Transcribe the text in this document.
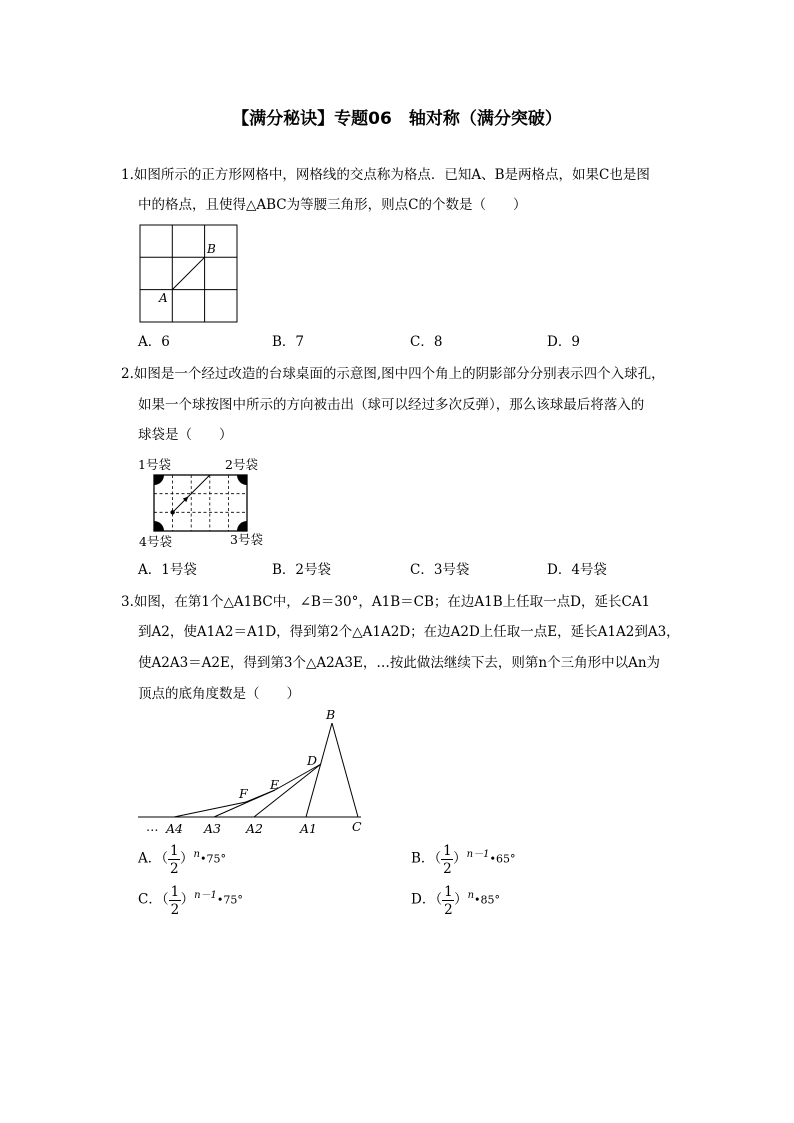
【满分秘诀】专题06　轴对称（满分突破）
1.如图所示的正方形网格中，网格线的交点称为格点．已知A、B是两格点，如果C也是图
中的格点，且使得△ABC为等腰三角形，则点C的个数是（　　）
B
A
A．6	B．7	C．8	D．9
2.如图是一个经过改造的台球桌面的示意图,图中四个角上的阴影部分分别表示四个入球孔，
如果一个球按图中所示的方向被击出（球可以经过多次反弹），那么该球最后将落入的
球袋是（　　）
1号袋	2号袋
4号袋	3号袋
A．1号袋	B．2号袋	C．3号袋	D．4号袋
3.如图，在第1个△A1BC中，∠B＝30°，A1B＝CB；在边A1B上任取一点D，延长CA1
到A2，使A1A2＝A1D，得到第2个△A1A2D；在边A2D上任取一点E，延长A1A2到A3，
使A2A3＝A2E，得到第3个△A2A3E，…按此做法继续下去，则第n个三角形中以An为
顶点的底角度数是（　　）
B
D
E
F
C
A1
A2
A3
A4
…
A．（ $\frac{1}{2}$ ）$^n$•75°	B．（ $\frac{1}{2}$ ）$^{n-1}$•65°
C．（ $\frac{1}{2}$ ）$^{n-1}$•75°	D．（ $\frac{1}{2}$ ）$^n$•85°
